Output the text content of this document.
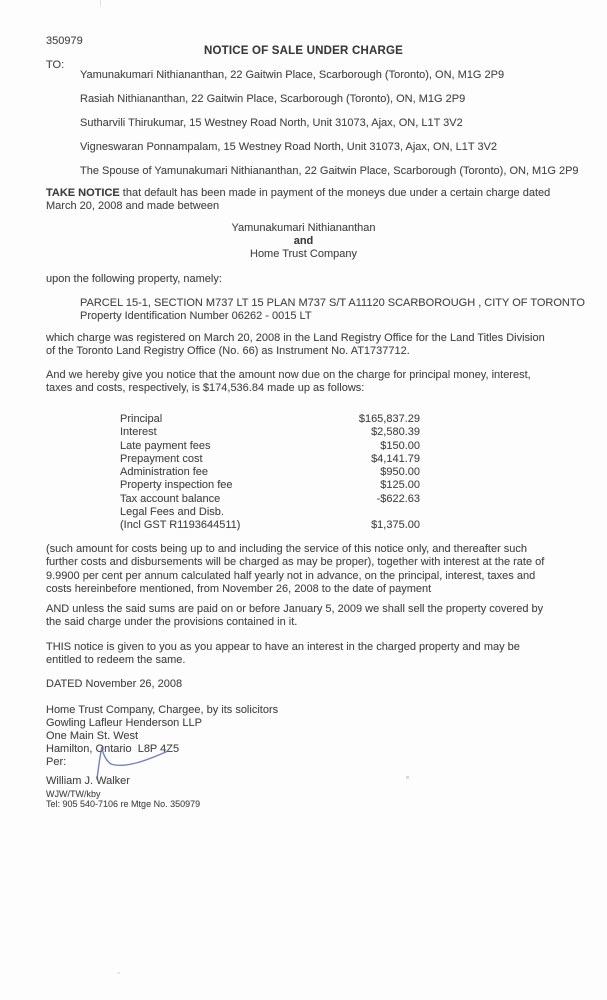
350979
NOTICE OF SALE UNDER CHARGE
TO:
Yamunakumari Nithiananthan, 22 Gaitwin Place, Scarborough (Toronto), ON, M1G 2P9
Rasiah Nithiananthan, 22 Gaitwin Place, Scarborough (Toronto), ON, M1G 2P9
Sutharvili Thirukumar, 15 Westney Road North, Unit 31073, Ajax, ON, L1T 3V2
Vigneswaran Ponnampalam, 15 Westney Road North, Unit 31073, Ajax, ON, L1T 3V2
The Spouse of Yamunakumari Nithiananthan, 22 Gaitwin Place, Scarborough (Toronto), ON, M1G 2P9
TAKE NOTICE that default has been made in payment of the moneys due under a certain charge dated
March 20, 2008 and made between
Yamunakumari Nithiananthan
and
Home Trust Company
upon the following property, namely:
PARCEL 15-1, SECTION M737 LT 15 PLAN M737 S/T A11120 SCARBOROUGH , CITY OF TORONTO
Property Identification Number 06262 - 0015 LT
which charge was registered on March 20, 2008 in the Land Registry Office for the Land Titles Division
of the Toronto Land Registry Office (No. 66) as Instrument No. AT1737712.
And we hereby give you notice that the amount now due on the charge for principal money, interest,
taxes and costs, respectively, is $174,536.84 made up as follows:
Principal	$165,837.29
Interest	$2,580.39
Late payment fees	$150.00
Prepayment cost	$4,141.79
Administration fee	$950.00
Property inspection fee	$125.00
Tax account balance	-$622.63
Legal Fees and Disb.
(Incl GST R1193644511)	$1,375.00
(such amount for costs being up to and including the service of this notice only, and thereafter such
further costs and disbursements will be charged as may be proper), together with interest at the rate of
9.9900 per cent per annum calculated half yearly not in advance, on the principal, interest, taxes and
costs hereinbefore mentioned, from November 26, 2008 to the date of payment
AND unless the said sums are paid on or before January 5, 2009 we shall sell the property covered by
the said charge under the provisions contained in it.
THIS notice is given to you as you appear to have an interest in the charged property and may be
entitled to redeem the same.
DATED November 26, 2008
Home Trust Company, Chargee, by its solicitors
Gowling Lafleur Henderson LLP
One Main St. West
Hamilton, Ontario  L8P 4Z5
Per:
William J. Walker
WJW/TW/kby
Tel: 905 540-7106 re Mtge No. 350979
